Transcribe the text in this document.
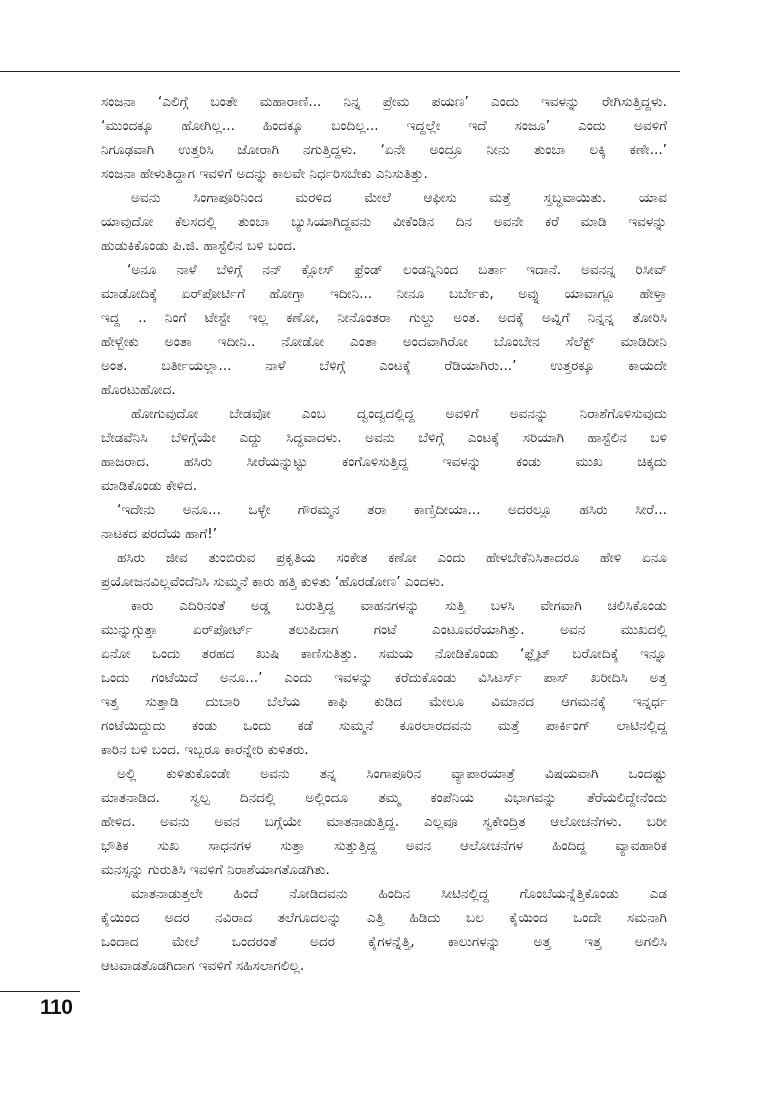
ಸಂಜನಾ ‘ಎಲಿಗ್ಗೆ ಬಂತೇ ಮಹಾರಾಣಿ... ನಿನ್ನ ಪ್ರೇಮ ಪಯಣ’ ಎಂದು ಇವಳನ್ನು ರೇಗಿಸುತ್ತಿದ್ದಳು.
‘ಮುಂದಕ್ಕೂ ಹೋಗಿಲ್ಲ... ಹಿಂದಕ್ಕೂ ಬಂದಿಲ್ಲ... ಇದ್ದಲ್ಲೇ ಇದೆ ಸಂಜೂ’ ಎಂದು ಅವಳಿಗೆ
ನಿಗೂಢವಾಗಿ ಉತ್ತರಿಸಿ ಜೋರಾಗಿ ನಗುತ್ತಿದ್ದಳು. ‘ಏನೇ ಅಂದ್ರೂ ನೀನು ತುಂಬಾ ಲಕ್ಕಿ ಕಣೇ...’
ಸಂಜನಾ ಹೇಳುತಿದ್ದಾಗ ಇವಳಿಗೆ ಅದನ್ನು ಕಾಲವೇ ನಿರ್ಧರಿಸಬೇಕು ಎನಿಸುತಿತ್ತು.
ಅವನು ಸಿಂಗಾಪೂರಿನಿಂದ ಮರಳಿದ ಮೇಲೆ ಆಫೀಸು ಮತ್ತೆ ಸ್ತಬ್ಧವಾಯಿತು. ಯಾವ
ಯಾವುದೋ ಕೆಲಸದಲ್ಲಿ ತುಂಬಾ ಬ್ಯುಸಿಯಾಗಿದ್ದವನು ವೀಕೆಂಡಿನ ದಿನ ಅವನೇ ಕರೆ ಮಾಡಿ ಇವಳನ್ನು
ಹುಡುಕಿಕೊಂಡು ಪಿ.ಜಿ. ಹಾಸ್ಟೆಲಿನ ಬಳಿ ಬಂದ.
‘ಅನೂ ನಾಳೆ ಬೆಳಿಗ್ಗೆ ನನ್ ಕ್ಲೋಸ್ ಫ್ರೆಂಡ್ ಲಂಡನ್ನಿನಿಂದ ಬರ್ತಾ ಇದಾನೆ. ಅವನನ್ನ ರಿಸೀವ್
ಮಾಡೋದಿಕ್ಕೆ ಏರ್‌ಪೋರ್ಟಿಗೆ ಹೋಗ್ತಾ ಇದೀನಿ... ನೀನೂ ಬರ್ಬೇಕು, ಅವ್ನು ಯಾವಾಗ್ಲೂ ಹೇಳ್ತಾ
ಇದ್ದ .. ನಿಂಗೆ ಟೇಸ್ಟೇ ಇಲ್ಲ ಕಣೋ, ನೀನೊಂತರಾ ಗುಲ್ದು ಅಂತ. ಅದಕ್ಕೆ ಅವ್ನಿಗೆ ನಿನ್ನನ್ನ ತೋರಿಸಿ
ಹೇಳ್ಬೇಕು ಅಂತಾ ಇದೀನಿ.. ನೋಡೋ ಎಂತಾ ಅಂದವಾಗಿರೋ ಬೊಂಬೇನ ಸೆಲೆಕ್ಟ್ ಮಾಡಿದೀನಿ
ಅಂತ. ಬರ್ತೀಯಲ್ಲಾ... ನಾಳೆ ಬೆಳಿಗ್ಗೆ ಎಂಟಕ್ಕೆ ರೆಡಿಯಾಗಿರು...’ ಉತ್ತರಕ್ಕೂ ಕಾಯದೇ
ಹೊರಟುಹೋದ.
ಹೋಗುವುದೋ ಬೇಡವೋ ಎಂಬ ದ್ವಂದ್ವದಲ್ಲಿದ್ದ ಅವಳಿಗೆ ಅವನನ್ನು ನಿರಾಶೆಗೊಳಿಸುವುದು
ಬೇಡವೆನಿಸಿ ಬೆಳಿಗ್ಗೆಯೇ ಎದ್ದು ಸಿದ್ಧವಾದಳು. ಅವನು ಬೆಳಿಗ್ಗೆ ಎಂಟಕ್ಕೆ ಸರಿಯಾಗಿ ಹಾಸ್ಟೆಲಿನ ಬಳಿ
ಹಾಜರಾದ. ಹಸಿರು ಸೀರೆಯನ್ನುಟ್ಟು ಕಂಗೊಳಿಸುತ್ತಿದ್ದ ಇವಳನ್ನು ಕಂಡು ಮುಖ ಚಿಕ್ಕದು
ಮಾಡಿಕೊಂಡು ಕೇಳಿದ.
‘ಇದೇನು ಅನೂ... ಒಳ್ಳೇ ಗೌರಮ್ಮನ ತರಾ ಕಾಣ್ತಿದೀಯಾ... ಅದರಲ್ಲೂ ಹಸಿರು ಸೀರೆ...
ನಾಟಕದ ಪರದೆಯ ಹಾಗೆ!’
ಹಸಿರು ಜೀವ ತುಂಬಿರುವ ಪ್ರಕೃತಿಯ ಸಂಕೇತ ಕಣೋ ಎಂದು ಹೇಳಬೇಕೆನಿಸಿತಾದರೂ ಹೇಳಿ ಏನೂ
ಪ್ರಯೋಜನವಿಲ್ಲವೆಂದೆನಿಸಿ ಸುಮ್ಮನೆ ಕಾರು ಹತ್ತಿ ಕುಳಿತು ‘ಹೊರಡೋಣ’ ಎಂದಳು.
ಕಾರು ಎದಿರಿನಂತೆ ಅಡ್ಡ ಬರುತ್ತಿದ್ದ ವಾಹನಗಳನ್ನು ಸುತ್ತಿ ಬಳಸಿ ವೇಗವಾಗಿ ಚಲಿಸಿಕೊಂಡು
ಮುನ್ನುಗ್ಗುತ್ತಾ ಏರ್‌ಪೋರ್ಟ್ ತಲುಪಿದಾಗ ಗಂಟೆ ಎಂಟೂವರೆಯಾಗಿತ್ತು. ಅವನ ಮುಖದಲ್ಲಿ
ಏನೋ ಒಂದು ತರಹದ ಖುಷಿ ಕಾಣಿಸುತಿತ್ತು. ಸಮಯ ನೋಡಿಕೊಂಡು ‘ಫ್ಲೈಟ್ ಬರೋದಿಕ್ಕೆ ಇನ್ನೂ
ಒಂದು ಗಂಟೆಯಿದೆ ಅನೂ...’ ಎಂದು ಇವಳನ್ನು ಕರೆದುಕೊಂಡು ವಿಸಿಟರ್ಸ್ ಪಾಸ್ ಖರೀದಿಸಿ ಅತ್ತ
ಇತ್ತ ಸುತ್ತಾಡಿ ದುಬಾರಿ ಬೆಲೆಯ ಕಾಫಿ ಕುಡಿದ ಮೇಲೂ ವಿಮಾನದ ಆಗಮನಕ್ಕೆ ಇನ್ನರ್ಧ
ಗಂಟೆಯಿದ್ದುದು ಕಂಡು ಒಂದು ಕಡೆ ಸುಮ್ಮನೆ ಕೂರಲಾರದವನು ಮತ್ತೆ ಪಾರ್ಕಿಂಗ್ ಲಾಟಿನಲ್ಲಿದ್ದ
ಕಾರಿನ ಬಳಿ ಬಂದ. ಇಬ್ಬರೂ ಕಾರನ್ನೇರಿ ಕುಳಿತರು.
ಅಲ್ಲಿ ಕುಳಿತುಕೊಂಡೇ ಅವನು ತನ್ನ ಸಿಂಗಾಪೂರಿನ ವ್ಯಾಪಾರಯಾತ್ರೆ ವಿಷಯವಾಗಿ ಒಂದಷ್ಟು
ಮಾತನಾಡಿದ. ಸ್ವಲ್ಪ ದಿನದಲ್ಲಿ ಅಲ್ಲಿಂದೂ ತಮ್ಮ ಕಂಪೆನಿಯ ವಿಭಾಗವನ್ನು ತೆರೆಯಲಿದ್ದೇನೆಂದು
ಹೇಳಿದ. ಅವನು ಅವನ ಬಗ್ಗೆಯೇ ಮಾತನಾಡುತ್ತಿದ್ದ. ಎಲ್ಲವೂ ಸ್ವಕೇಂದ್ರಿತ ಆಲೋಚನೆಗಳು. ಬರೀ
ಭೌತಿಕ ಸುಖ ಸಾಧನಗಳ ಸುತ್ತಾ ಸುತ್ತುತ್ತಿದ್ದ ಅವನ ಆಲೋಚನೆಗಳ ಹಿಂದಿದ್ದ ವ್ಯಾವಹಾರಿಕ
ಮನಸ್ಸನ್ನು ಗುರುತಿಸಿ ಇವಳಿಗೆ ನಿರಾಶೆಯಾಗತೊಡಗಿತು.
ಮಾತನಾಡುತ್ತಲೇ ಹಿಂದೆ ನೋಡಿದವನು ಹಿಂದಿನ ಸೀಟಿನಲ್ಲಿದ್ದ ಗೊಂಬೆಯನ್ನೆತ್ತಿಕೊಂಡು ಎಡ
ಕೈಯಿಂದ ಅದರ ನವಿರಾದ ತಲೆಗೂದಲನ್ನು ಎತ್ತಿ ಹಿಡಿದು ಬಲ ಕೈಯಿಂದ ಒಂದೇ ಸಮನಾಗಿ
ಒಂದಾದ ಮೇಲೆ ಒಂದರಂತೆ ಅದರ ಕೈಗಳನ್ನೆತ್ತಿ, ಕಾಲುಗಳನ್ನು ಅತ್ತ ಇತ್ತ ಅಗಲಿಸಿ
ಆಟವಾಡತೊಡಗಿದಾಗ ಇವಳಿಗೆ ಸಹಿಸಲಾಗಲಿಲ್ಲ.
110
